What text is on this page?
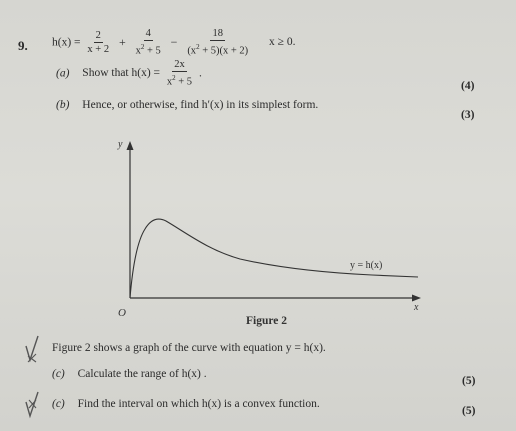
9. $h(x) = \frac{2}{x + 2} + \frac{4}{x^2 + 5} - \frac{18}{(x^2 + 5)(x + 2)}$ x ≥ 0.
(a) Show that $h(x) = \frac{2x}{x^2 + 5}$ .
(4)
(b) Hence, or otherwise, find h′(x) in its simplest form.
(3)
y
x
O
y = h(x)
Figure 2
Figure 2 shows a graph of the curve with equation y = h(x).
(c) Calculate the range of h(x) .
(5)
(c) Find the interval on which h(x) is a convex function.
(5)
